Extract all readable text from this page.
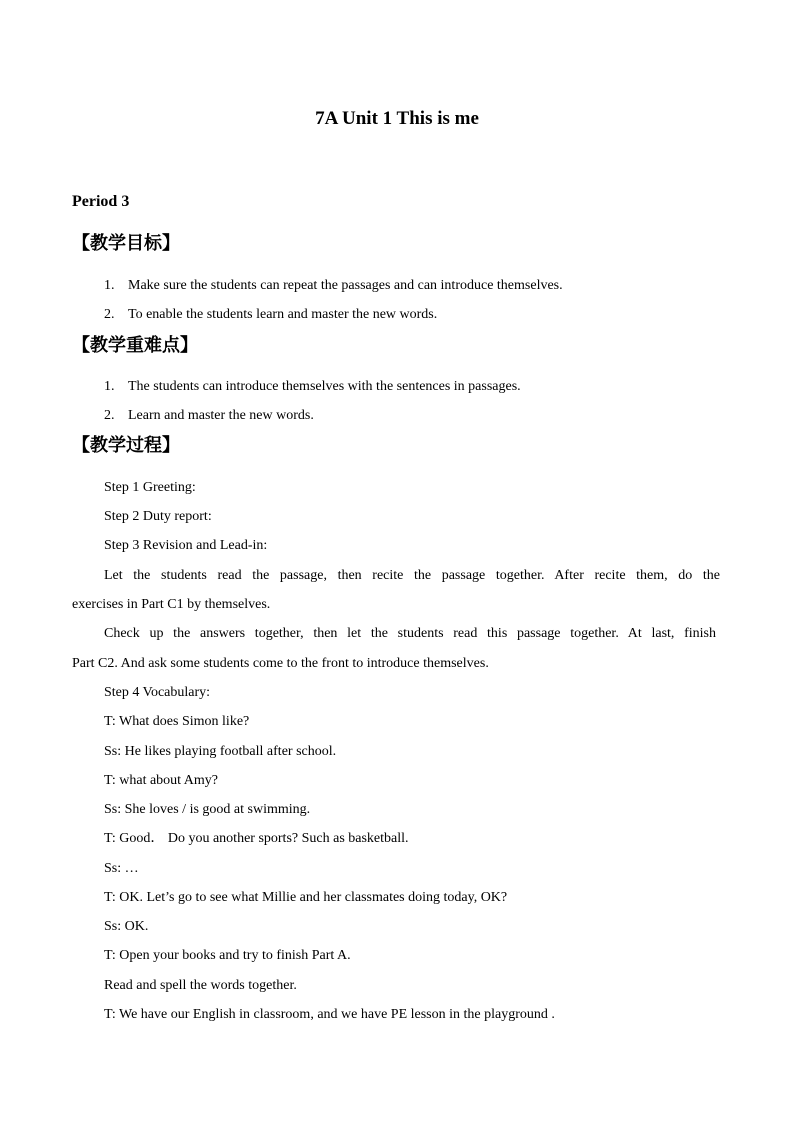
7A Unit 1 This is me
Period 3
【教学目标】
1. Make sure the students can repeat the passages and can introduce themselves.
2. To enable the students learn and master the new words.
【教学重难点】
1. The students can introduce themselves with the sentences in passages.
2. Learn and master the new words.
【教学过程】
Step 1 Greeting:
Step 2 Duty report:
Step 3 Revision and Lead-in:
Let the students read the passage, then recite the passage together. After recite them, do the
exercises in Part C1 by themselves.
Check up the answers together, then let the students read this passage together. At last, finish
Part C2. And ask some students come to the front to introduce themselves.
Step 4 Vocabulary:
T: What does Simon like?
Ss: He likes playing football after school.
T: what about Amy?
Ss: She loves / is good at swimming.
T: Good． Do you another sports? Such as basketball.
Ss: …
T: OK. Let’s go to see what Millie and her classmates doing today, OK?
Ss: OK.
T: Open your books and try to finish Part A.
Read and spell the words together.
T: We have our English in classroom, and we have PE lesson in the playground .
